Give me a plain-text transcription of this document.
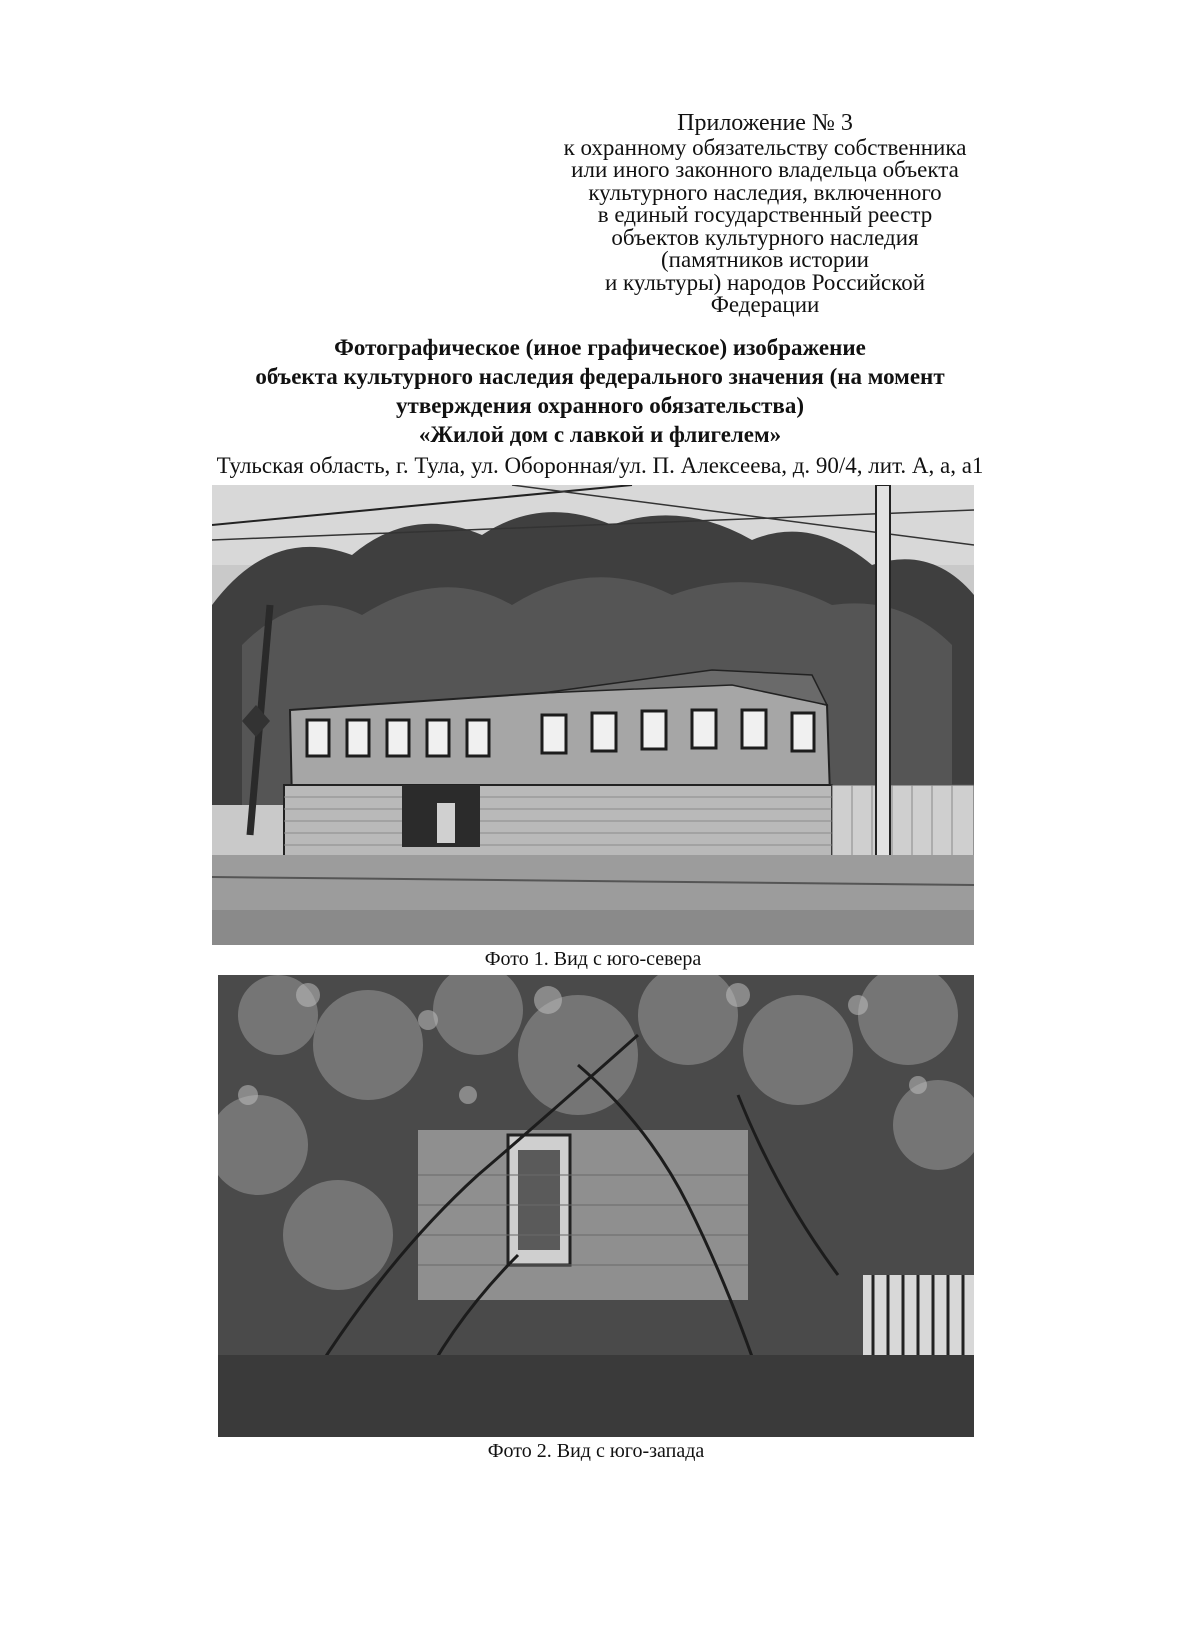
Приложение № 3
к охранному обязательству собственника
или иного законного владельца объекта
культурного наследия, включенного
в единый государственный реестр
объектов культурного наследия
(памятников истории
и культуры) народов Российской
Федерации
Фотографическое (иное графическое) изображение
объекта культурного наследия федерального значения (на момент
утверждения охранного обязательства)
«Жилой дом с лавкой и флигелем»
Тульская область, г. Тула, ул. Оборонная/ул. П. Алексеева, д. 90/4, лит. А, а, а1
Фото 1. Вид с юго-севера
Фото 2. Вид с юго-запада
